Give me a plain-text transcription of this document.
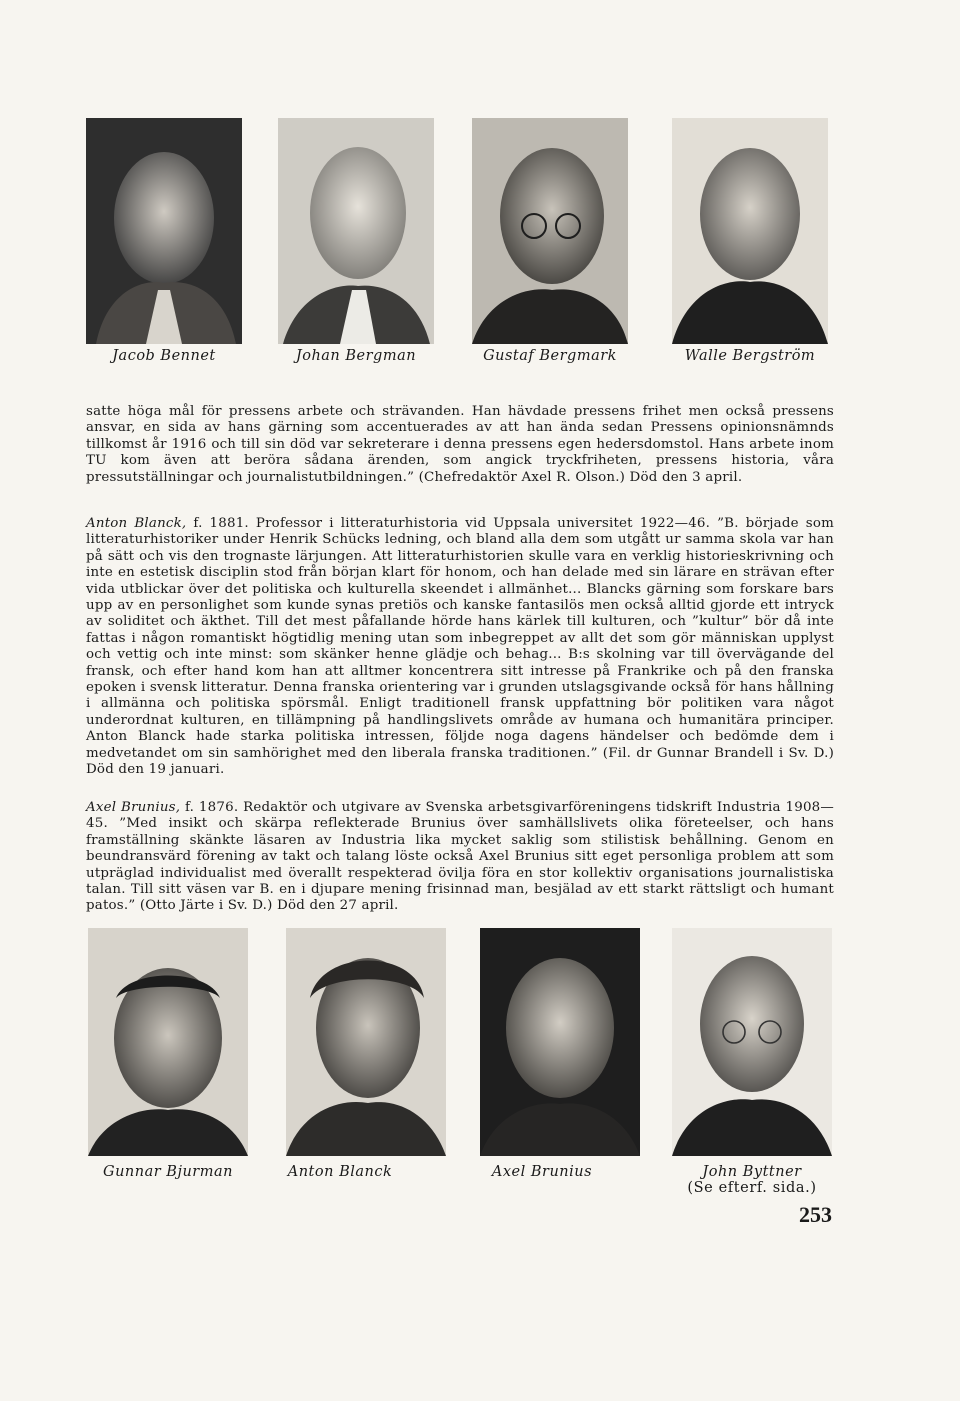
Jacob Bennet	Johan Bergman	Gustaf Bergmark	Walle Bergström

satte höga mål för pressens arbete och strävanden. Han hävdade pressens frihet men också pressens ansvar, en sida av hans gärning som accentuerades av att han ända sedan Pressens opinionsnämnds tillkomst år 1916 och till sin död var sekreterare i denna pressens egen hedersdomstol. Hans arbete inom TU kom även att beröra sådana ärenden, som angick tryckfriheten, pressens historia, våra pressutställningar och journalistutbildningen.” (Chefredaktör Axel R. Olson.) Död den 3 april.

Anton Blanck, f. 1881. Professor i litteraturhistoria vid Uppsala universitet 1922—46. ”B. började som litteraturhistoriker under Henrik Schücks ledning, och bland alla dem som utgått ur samma skola var han på sätt och vis den trognaste lärjungen. Att litteraturhistorien skulle vara en verklig historieskrivning och inte en estetisk disciplin stod från början klart för honom, och han delade med sin lärare en strävan efter vida utblickar över det politiska och kulturella skeendet i allmänhet... Blancks gärning som forskare bars upp av en personlighet som kunde synas pretiös och kanske fantasilös men också alltid gjorde ett intryck av soliditet och äkthet. Till det mest påfallande hörde hans kärlek till kulturen, och ”kultur” bör då inte fattas i någon romantiskt högtidlig mening utan som inbegreppet av allt det som gör människan upplyst och vettig och inte minst: som skänker henne glädje och behag... B:s skolning var till övervägande del fransk, och efter hand kom han att alltmer koncentrera sitt intresse på Frankrike och på den franska epoken i svensk litteratur. Denna franska orientering var i grunden utslagsgivande också för hans hållning i allmänna och politiska spörsmål. Enligt traditionell fransk uppfattning bör politiken vara något underordnat kulturen, en tillämpning på handlingslivets område av humana och humanitära principer. Anton Blanck hade starka politiska intressen, följde noga dagens händelser och bedömde dem i medvetandet om sin samhörighet med den liberala franska traditionen.” (Fil. dr Gunnar Brandell i Sv. D.) Död den 19 januari.

Axel Brunius, f. 1876. Redaktör och utgivare av Svenska arbetsgivarföreningens tidskrift Industria 1908—45. ”Med insikt och skärpa reflekterade Brunius över samhällslivets olika företeelser, och hans framställning skänkte läsaren av Industria lika mycket saklig som stilistisk behållning. Genom en beundransvärd förening av takt och talang löste också Axel Brunius sitt eget personliga problem att som utpräglad individualist med överallt respekterad övilja föra en stor kollektiv organisations journalistiska talan. Till sitt väsen var B. en i djupare mening frisinnad man, besjälad av ett starkt rättsligt och humant patos.” (Otto Järte i Sv. D.) Död den 27 april.

Gunnar Bjurman	Anton Blanck	Axel Brunius	John Byttner
(Se efterf. sida.)
253
